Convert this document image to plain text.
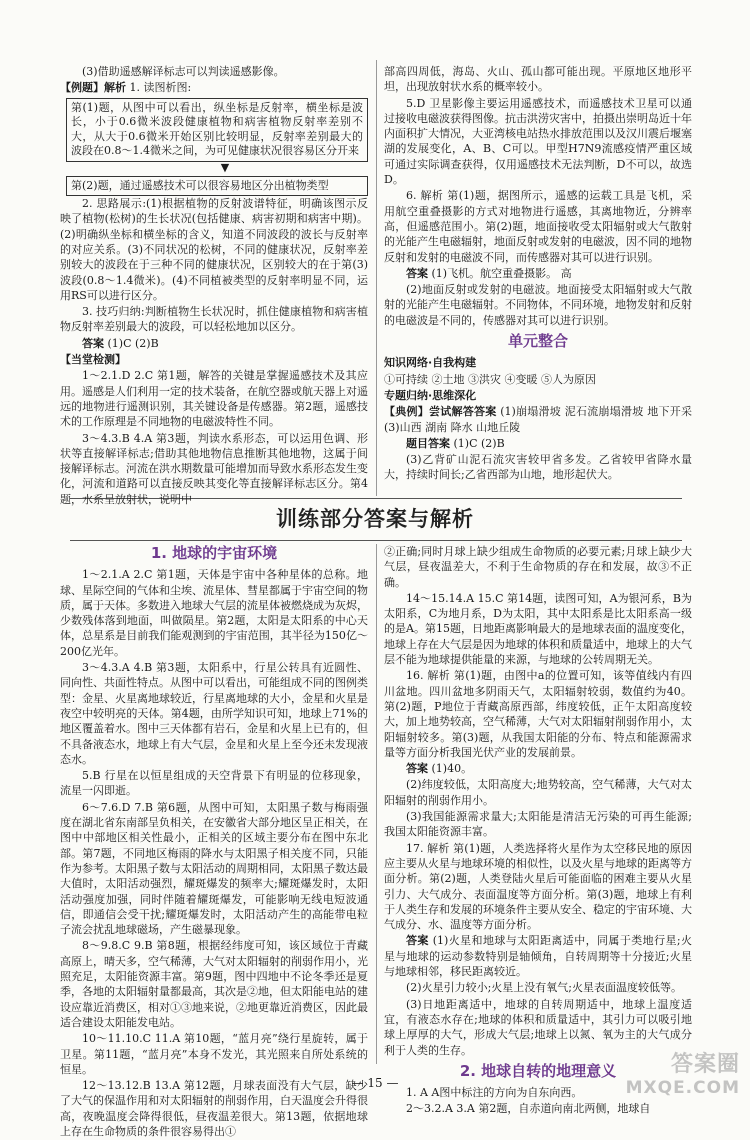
(3)借助遥感解译标志可以判读遥感影像。

【例题】解析 1. 读图析图:

第(1)题，从图中可以看出，纵坐标是反射率，横坐标是波长，小于0.6微米波段健康植物和病害植物反射率差别不大，从大于0.6微米开始区别比较明显，反射率差别最大的波段在0.8～1.4微米之间，为可见健康状况很容易区分开来

▼

第(2)题，通过遥感技术可以很容易地区分出植物类型

2. 思路展示:(1)根据植物的反射波谱特征，明确该图示反映了植物(松树)的生长状况(包括健康、病害初期和病害中期)。(2)明确纵坐标和横坐标的含义，知道不同波段的波长与反射率的对应关系。(3)不同状况的松树，不同的健康状况，反射率差别较大的波段在于三种不同的健康状况，区别较大的在于第(3)波段(0.8～1.4微米)。(4)不同植被类型的反射率明显不同，运用RS可以进行区分。

3. 技巧归纳:判断植物生长状况时，抓住健康植物和病害植物反射率差别最大的波段，可以轻松地加以区分。

答案 (1)C (2)B

【当堂检测】

1～2.1.D 2.C 第1题，解答的关键是掌握遥感技术及其应用。遥感是人们利用一定的技术装备，在航空器或航天器上对遥远的地物进行遥测识别，其关键设备是传感器。第2题，遥感技术的工作原理是不同地物的电磁波特性不同。

3～4.3.B 4.A 第3题，判读水系形态，可以运用色调、形状等直接解译标志;借助其他地物信息推断其他地物，这属于间接解译标志。河流在洪水期数量可能增加而导致水系形态发生变化，河流和道路可以直接反映其变化等直接解译标志区分。第4题，水系呈放射状，说明中

部高四周低，海岛、火山、孤山都可能出现。平原地区地形平坦，出现放射状水系的概率较小。

5.D 卫星影像主要运用遥感技术，而遥感技术卫星可以通过接收电磁波获得图像。抗击洪涝灾害中，拍摄出崇明岛近十年内面积扩大情况，大亚湾核电站热水排放范围以及汉川震后堰塞湖的发展变化，A、B、C可以。甲型H7N9流感疫情严重区域可通过实际调查获得，仅用遥感技术无法判断，D不可以，故选D。

6. 解析 第(1)题，据图所示，遥感的运载工具是飞机，采用航空重叠摄影的方式对地物进行遥感，其离地物近，分辨率高，但遥感范围小。第(2)题，地面接收受太阳辐射或大气散射的光能产生电磁辐射，地面反射或发射的电磁波，因不同的地物反射和发射的电磁波不同，而传感器对其可以进行识别。

答案 (1)飞机。航空重叠摄影。 高

(2)地面反射或发射的电磁波。地面接受太阳辐射或大气散射的光能产生电磁辐射。不同物体，不同环境，地物发射和反射的电磁波是不同的，传感器对其可以进行识别。

单元整合

知识网络·自我构建

①可持续 ②土地 ③洪灾 ④变暖 ⑤人为原因

专题归纳·思维深化

【典例】尝试解答答案 (1)崩塌滑坡 泥石流崩塌滑坡 地下开采 (3)山西 湖南 降水 山地丘陵

题目答案 (1)C (2)B

(3)乙背矿山泥石流灾害较甲省多发。乙省较甲省降水量大，持续时间长;乙省西部为山地，地形起伏大。

训练部分答案与解析
1. 地球的宇宙环境

1～2.1.A 2.C 第1题，天体是宇宙中各种星体的总称。地球、星际空间的气体和尘埃、流星体、彗星都属于宇宙空间的物质，属于天体。多数进入地球大气层的流星体被燃烧成为灰烬，少数残体落到地面，叫做陨星。第2题，太阳是太阳系的中心天体，总星系是目前我们能观测到的宇宙范围，其半径为150亿～200亿光年。

3～4.3.A 4.B 第3题，太阳系中，行星公转具有近圆性、同向性、共面性特点。从图中可以看出，可能组成不同的图例类型：金星、火星离地球较近，行星离地球的大小，金星和火星是夜空中较明亮的天体。第4题，由所学知识可知，地球上71%的地区覆盖着水。图中三天体都有岩石，金星和火星上已有的，但不具备液态水，地球上有大气层，金星和火星上至今还未发现液态水。

5.B 行星在以恒星组成的天空背景下有明显的位移现象，流星一闪即逝。

6～7.6.D 7.B 第6题，从图中可知，太阳黑子数与梅雨强度在湖北省东南部呈负相关，在安徽省大部分地区呈正相关，在图中中部地区相关性最小，正相关的区域主要分布在图中东北部。第7题，不同地区梅雨的降水与太阳黑子相关度不同，只能作为参考。太阳黑子数与太阳活动的周期相同，太阳黑子数达最大值时，太阳活动强烈，耀斑爆发的频率大;耀斑爆发时，太阳活动强度加强，同时伴随着耀斑爆发，可能影响无线电短波通信，即通信会受干扰;耀斑爆发时，太阳活动产生的高能带电粒子流会扰乱地球磁场，产生磁暴现象。

8～9.8.C 9.B 第8题，根据经纬度可知，该区域位于青藏高原上，晴天多，空气稀薄，大气对太阳辐射的削弱作用小，光照充足，太阳能资源丰富。第9题，图中四地中不论冬季还是夏季，各地的太阳辐射量都最高，其次是②地，但太阳能电站的建设应靠近消费区，相对①③地来说，②地更靠近消费区，因此最适合建设太阳能发电站。

10～11.10.C 11.A 第10题，“蓝月亮”绕行星旋转，属于卫星。第11题，“蓝月亮”本身不发光，其光照来自所处系统的恒星。

12～13.12.B 13.A 第12题，月球表面没有大气层，缺少了大气的保温作用和对太阳辐射的削弱作用，白天温度会升得很高，夜晚温度会降得很低，昼夜温差很大。第13题，依据地球上存在生命物质的条件很容易得出①

②正确;同时月球上缺少组成生命物质的必要元素;月球上缺少大气层，昼夜温差大，不利于生命物质的存在和发展，故③不正确。

14～15.14.A 15.C 第14题，读图可知，A为银河系，B为太阳系，C为地月系，D为太阳，其中太阳系是比太阳系高一级的是A。第15题，日地距离影响最大的是地球表面的温度变化，地球上存在大气层是因为地球的体积和质量适中，地球上的大气层不能为地球提供能量的来源，与地球的公转周期无关。

16. 解析 第(1)题，由图中a的位置可知，该等值线内有四川盆地。四川盆地多阴雨天气，太阳辐射较弱，数值约为40。第(2)题，P地位于青藏高原西部，纬度较低，正午太阳高度较大，加上地势较高，空气稀薄，大气对太阳辐射削弱作用小，太阳辐射较多。第(3)题，从我国太阳能的分布、特点和能源需求量等方面分析我国光伏产业的发展前景。

答案 (1)40。

(2)纬度较低，太阳高度大;地势较高，空气稀薄，大气对太阳辐射的削弱作用小。

(3)我国能源需求量大;太阳能是清洁无污染的可再生能源;我国太阳能资源丰富。

17. 解析 第(1)题，人类选择将火星作为太空移民地的原因应主要从火星与地球环境的相似性，以及火星与地球的距离等方面分析。第(2)题，人类登陆火星后可能面临的困难主要从火星引力、大气成分、表面温度等方面分析。第(3)题，地球上有利于人类生存和发展的环境条件主要从安全、稳定的宇宙环境、大气成分、水、温度等方面分析。

答案 (1)火星和地球与太阳距离适中，同属于类地行星;火星与地球的运动参数特别是轴倾角，自转周期等十分接近;火星与地球相邻，移民距离较近。

(2)火星引力较小;火星上没有氧气;火星表面温度较低等。

(3)日地距离适中，地球的自转周期适中，地球上温度适宜，有液态水存在;地球的体积和质量适中，其引力可以吸引地球上厚厚的大气，形成大气层;地球上以氮、氧为主的大气成分利于人类的生存。

2. 地球自转的地理意义

1. A A图中标注的方向为自东向西。

2～3.2.A 3.A 第2题，自赤道向南北两侧，地球自

— 15 —
答案圈
MXQE.COM
